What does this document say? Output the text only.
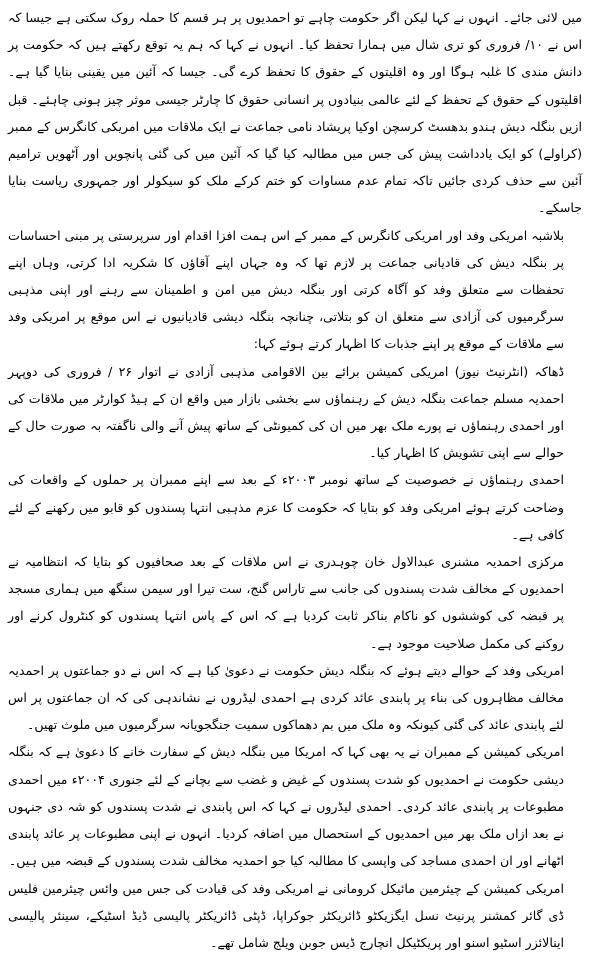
میں لائی جائے۔ انہوں نے کہا لیکن اگر حکومت چاہے تو احمدیوں پر ہر قسم کا حملہ روک سکتی ہے جیسا کہ اس نے ۱۰/ فروری کو تری شال میں ہمارا تحفظ کیا۔ انہوں نے کہا کہ ہم یہ توقع رکھتے ہیں کہ حکومت پر دانش مندی کا غلبہ ہوگا اور وہ اقلیتوں کے حقوق کا تحفظ کرے گی۔ جیسا کہ آئین میں یقینی بنایا گیا ہے۔ اقلیتوں کے حقوق کے تحفظ کے لئے عالمی بنیادوں پر انسانی حقوق کا چارٹر جیسی موثر چیز ہونی چاہئے۔ قبل ازیں بنگلہ دیش ہندو بدھسٹ کرسچن اوکیا پریشاد نامی جماعت نے ایک ملاقات میں امریکی کانگرس کے ممبر (کراولے) کو ایک یادداشت پیش کی جس میں مطالبہ کیا گیا کہ آئین میں کی گئی پانچویں اور آٹھویں ترامیم آئین سے حذف کردی جائیں تاکہ تمام عدم مساوات کو ختم کرکے ملک کو سیکولر اور جمہوری ریاست بنایا جاسکے۔

بلاشبہ امریکی وفد اور امریکی کانگرس کے ممبر کے اس ہمت افزا اقدام اور سرپرستی پر مبنی احساسات پر بنگلہ دیش کی قادیانی جماعت پر لازم تھا کہ وہ جہاں اپنے آقاؤں کا شکریہ ادا کرتی، وہاں اپنے تحفظات سے متعلق وفد کو آگاہ کرتی اور بنگلہ دیش میں امن و اطمینان سے رہنے اور اپنی مذہبی سرگرمیوں کی آزادی سے متعلق ان کو بتلاتی، چنانچہ بنگلہ دیشی قادیانیوں نے اس موقع پر امریکی وفد سے ملاقات کے موقع پر اپنے جذبات کا اظہار کرتے ہوئے کہا:

ڈھاکہ (انٹرنیٹ نیوز) امریکی کمیشن برائے بین الاقوامی مذہبی آزادی نے اتوار ۲۶ / فروری کی دوپہر احمدیہ مسلم جماعت بنگلہ دیش کے رہنماؤں سے بخشی بازار میں واقع ان کے ہیڈ کوارٹر میں ملاقات کی اور احمدی رہنماؤں نے پورے ملک بھر میں ان کی کمیونٹی کے ساتھ پیش آنے والی ناگفتہ بہ صورت حال کے حوالے سے اپنی تشویش کا اظہار کیا۔

احمدی رہنماؤں نے خصوصیت کے ساتھ نومبر ۲۰۰۳ء کے بعد سے اپنے ممبران پر حملوں کے واقعات کی وضاحت کرتے ہوئے امریکی وفد کو بتایا کہ حکومت کا عزم مذہبی انتہا پسندوں کو قابو میں رکھنے کے لئے کافی ہے۔

مرکزی احمدیہ مشنری عبدالاول خان چوہدری نے اس ملاقات کے بعد صحافیوں کو بتایا کہ انتظامیہ نے احمدیوں کے مخالف شدت پسندوں کی جانب سے تاراس گنج، ست تیرا اور سیمن سنگھ میں ہماری مسجد پر قبضہ کی کوششوں کو ناکام بناکر ثابت کردیا ہے کہ اس کے پاس انتہا پسندوں کو کنٹرول کرنے اور روکنے کی مکمل صلاحیت موجود ہے۔

امریکی وفد کے حوالے دیتے ہوئے کہ بنگلہ دیش حکومت نے دعویٰ کیا ہے کہ اس نے دو جماعتوں پر احمدیہ مخالف مظاہروں کی بناء پر پابندی عائد کردی ہے احمدی لیڈروں نے نشاندہی کی کہ ان جماعتوں پر اس لئے پابندی عائد کی گئی کیونکہ وہ ملک میں بم دھماکوں سمیت جنگجویانہ سرگرمیوں میں ملوث تھیں۔

امریکی کمیشن کے ممبران نے یہ بھی کہا کہ امریکا میں بنگلہ دیش کے سفارت خانے کا دعویٰ ہے کہ بنگلہ دیشی حکومت نے احمدیوں کو شدت پسندوں کے غیض و غضب سے بچانے کے لئے جنوری ۲۰۰۴ء میں احمدی مطبوعات پر پابندی عائد کردی۔ احمدی لیڈروں نے کہا کہ اس پابندی نے شدت پسندوں کو شہ دی جنہوں نے بعد ازاں ملک بھر میں احمدیوں کے استحصال میں اضافہ کردیا۔ انہوں نے اپنی مطبوعات پر عائد پابندی اٹھانے اور ان احمدی مساجد کی واپسی کا مطالبہ کیا جو احمدیہ مخالف شدت پسندوں کے قبضہ میں ہیں۔

امریکی کمیشن کے چیئرمین مائیکل کرومانی نے امریکی وفد کی قیادت کی جس میں وائس چیئرمین فلیس ڈی گائر کمشنر پرنیٹ نسل ایگزیکٹو ڈائریکٹر جوکراپا، ڈپٹی ڈائریکٹر پالیسی ڈیڈ اسٹیکے، سینئر پالیسی اینالائزر اسٹیو اسنو اور پریکٹیکل انچارج ڈیس جوبن ویلج شامل تھے۔
